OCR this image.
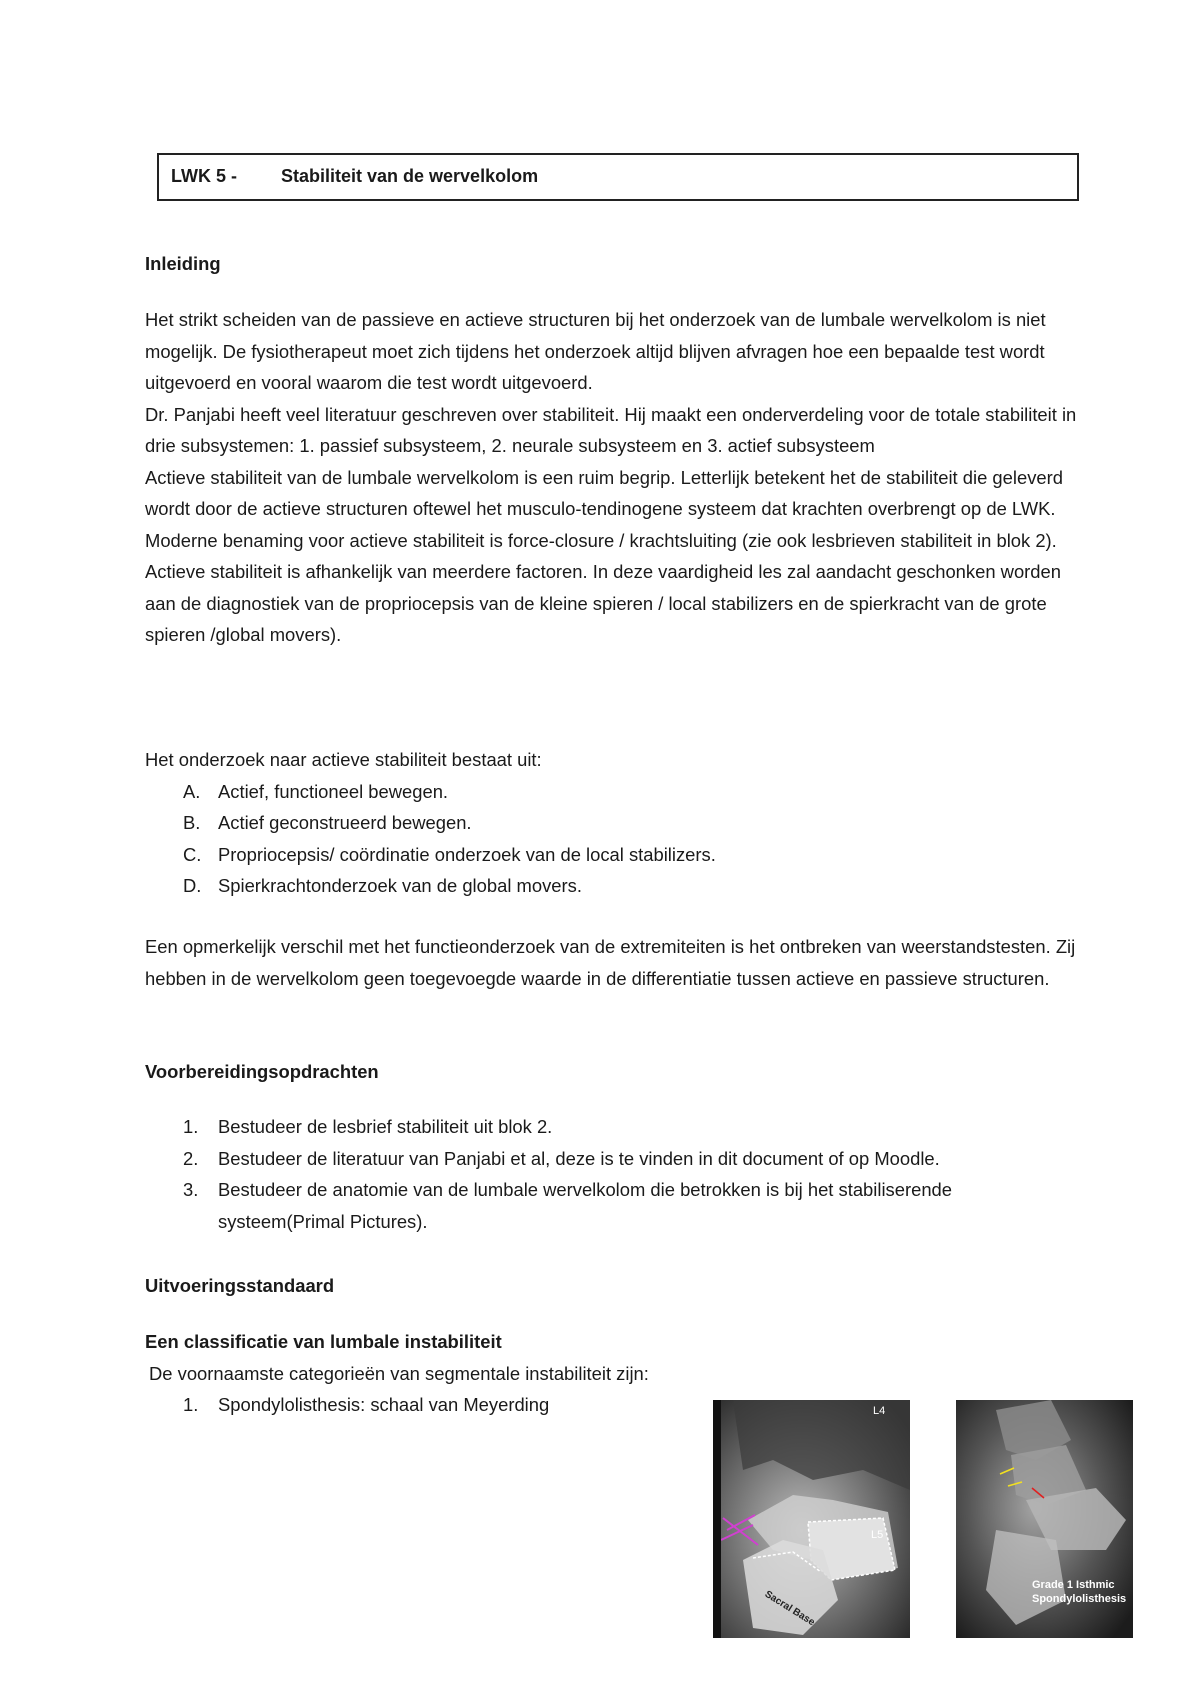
LWK 5 -	Stabiliteit van de wervelkolom

Inleiding

Het strikt scheiden van de passieve en actieve structuren bij het onderzoek van de lumbale wervelkolom is niet mogelijk. De fysiotherapeut moet zich tijdens het onderzoek altijd blijven afvragen hoe een bepaalde test wordt uitgevoerd en vooral waarom die test wordt uitgevoerd.

Dr. Panjabi heeft veel literatuur geschreven over stabiliteit. Hij maakt een onderverdeling voor de totale stabiliteit in drie subsystemen: 1. passief subsysteem, 2. neurale subsysteem en 3. actief subsysteem

Actieve stabiliteit van de lumbale wervelkolom is een ruim begrip. Letterlijk betekent het de stabiliteit die geleverd wordt door de actieve structuren oftewel het musculo-tendinogene systeem dat krachten overbrengt op de LWK. Moderne benaming voor actieve stabiliteit is force-closure / krachtsluiting (zie ook lesbrieven stabiliteit in blok 2).

Actieve stabiliteit is afhankelijk van meerdere factoren. In deze vaardigheid les zal aandacht geschonken worden aan de diagnostiek van de propriocepsis van de kleine spieren / local stabilizers en de spierkracht van de grote spieren /global movers).

Het onderzoek naar actieve stabiliteit bestaat uit:

A. Actief, functioneel bewegen.
B. Actief geconstrueerd bewegen.
C. Propriocepsis/ coördinatie onderzoek van de local stabilizers.
D. Spierkrachtonderzoek van de global movers.

Een opmerkelijk verschil met het functieonderzoek van de extremiteiten is het ontbreken van weerstandstesten. Zij hebben in de wervelkolom geen toegevoegde waarde in de differentiatie tussen actieve en passieve structuren.

Voorbereidingsopdrachten

1. Bestudeer de lesbrief stabiliteit uit blok 2.
2. Bestudeer de literatuur van Panjabi et al, deze is te vinden in dit document of op Moodle.
3. Bestudeer de anatomie van de lumbale wervelkolom die betrokken is bij het stabiliserende systeem(Primal Pictures).

Uitvoeringsstandaard

Een classificatie van lumbale instabiliteit

De voornaamste categorieën van segmentale instabiliteit zijn:

1. Spondylolisthesis: schaal van Meyerding	L4
L5
Sacral Base
Grade 1 Isthmic
Spondylolisthesis
